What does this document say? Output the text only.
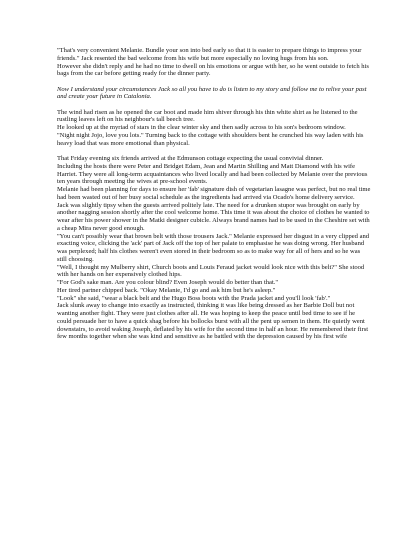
"That's very convenient Melanie. Bundle your son into bed early so that it is easier to prepare things to impress your friends." Jack resented the bad welcome from his wife but more especially no loving hugs from his son.

However she didn't reply and he had no time to dwell on his emotions or argue with her, so he went outside to fetch his bags from the car before getting ready for the dinner party.

Now I understand your circumstances Jack so all you have to do is listen to my story and follow me to relive your past and create your future in Catalonia.

The wind had risen as he opened the car boot and made him shiver through his thin white shirt as he listened to the rustling leaves left on his neighbour's tall beech tree.

He looked up at the myriad of stars in the clear winter sky and then sadly across to his son's bedroom window.

"Night night Jojo, love you lots." Turning back to the cottage with shoulders bent he crunched his way laden with his heavy load that was more emotional than physical.

That Friday evening six friends arrived at the Edmunson cottage expecting the usual convivial dinner.

Including the hosts there were Peter and Bridget Edam, Jean and Martin Shilling and Matt Diamond with his wife Harriet. They were all long-term acquaintances who lived locally and had been collected by Melanie over the previous ten years through meeting the wives at pre-school events.

Melanie had been planning for days to ensure her 'fab' signature dish of vegetarian lasagne was perfect, but no real time had been wasted out of her busy social schedule as the ingredients had arrived via Ocado's home delivery service.

Jack was slightly tipsy when the guests arrived politely late. The need for a drunken stupor was brought on early by another nagging session shortly after the cool welcome home. This time it was about the choice of clothes he wanted to wear after his power shower in the Matki designer cubicle. Always brand names had to be used in the Cheshire set with a cheap Mira never good enough.

"You can't possibly wear that brown belt with those trousers Jack." Melanie expressed her disgust in a very clipped and exacting voice, clicking the 'ack' part of Jack off the top of her palate to emphasise he was doing wrong. Her husband was perplexed; half his clothes weren't even stored in their bedroom so as to make way for all of hers and so he was still choosing.

"Well, I thought my Mulberry shirt, Church boots and Louis Feraud jacket would look nice with this belt?" She stood with her hands on her expensively clothed hips.

"For God's sake man. Are you colour blind? Even Joseph would do better than that."

Her tired partner chipped back. "Okay Melanie, I'd go and ask him but he's asleep."

"Look" she said, "wear a black belt and the Hugo Boss boots with the Prada jacket and you'll look 'fab'."

Jack slunk away to change into exactly as instructed, thinking it was like being dressed as her Barbie Doll but not wanting another fight. They were just clothes after all. He was hoping to keep the peace until bed time to see if he could persuade her to have a quick shag before his bollocks burst with all the pent up semen in them. He quietly went downstairs, to avoid waking Joseph, deflated by his wife for the second time in half an hour. He remembered their first few months together when she was kind and sensitive as he battled with the depression caused by his first wife
